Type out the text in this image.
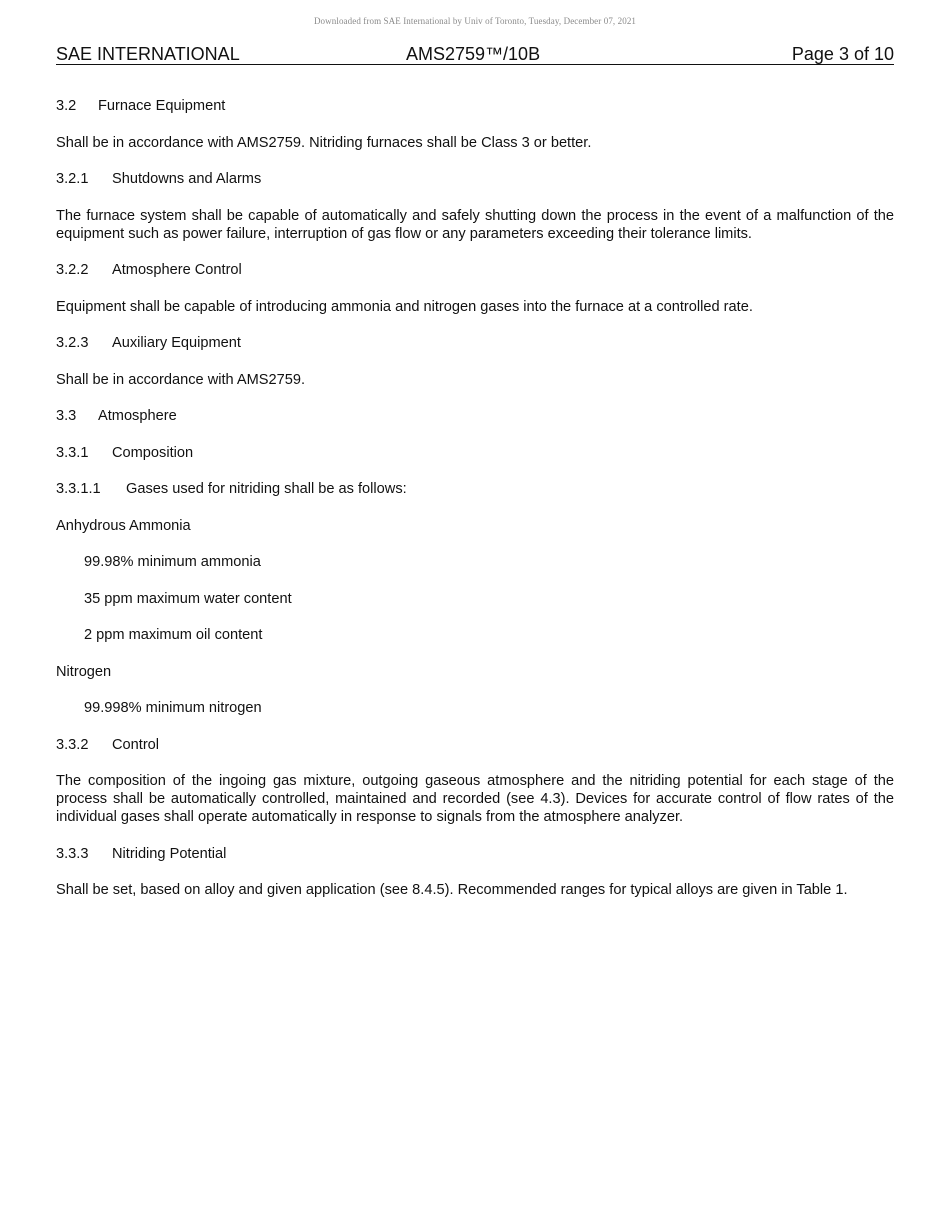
Downloaded from SAE International by Univ of Toronto, Tuesday, December 07, 2021
SAE INTERNATIONAL	AMS2759™/10B	Page 3 of 10
3.2 Furnace Equipment
Shall be in accordance with AMS2759. Nitriding furnaces shall be Class 3 or better.
3.2.1 Shutdowns and Alarms
The furnace system shall be capable of automatically and safely shutting down the process in the event of a malfunction of the equipment such as power failure, interruption of gas flow or any parameters exceeding their tolerance limits.
3.2.2 Atmosphere Control
Equipment shall be capable of introducing ammonia and nitrogen gases into the furnace at a controlled rate.
3.2.3 Auxiliary Equipment
Shall be in accordance with AMS2759.
3.3 Atmosphere
3.3.1 Composition
3.3.1.1 Gases used for nitriding shall be as follows:
Anhydrous Ammonia
99.98% minimum ammonia
35 ppm maximum water content
2 ppm maximum oil content
Nitrogen
99.998% minimum nitrogen
3.3.2 Control
The composition of the ingoing gas mixture, outgoing gaseous atmosphere and the nitriding potential for each stage of the process shall be automatically controlled, maintained and recorded (see 4.3). Devices for accurate control of flow rates of the individual gases shall operate automatically in response to signals from the atmosphere analyzer.
3.3.3 Nitriding Potential
Shall be set, based on alloy and given application (see 8.4.5). Recommended ranges for typical alloys are given in Table 1.
